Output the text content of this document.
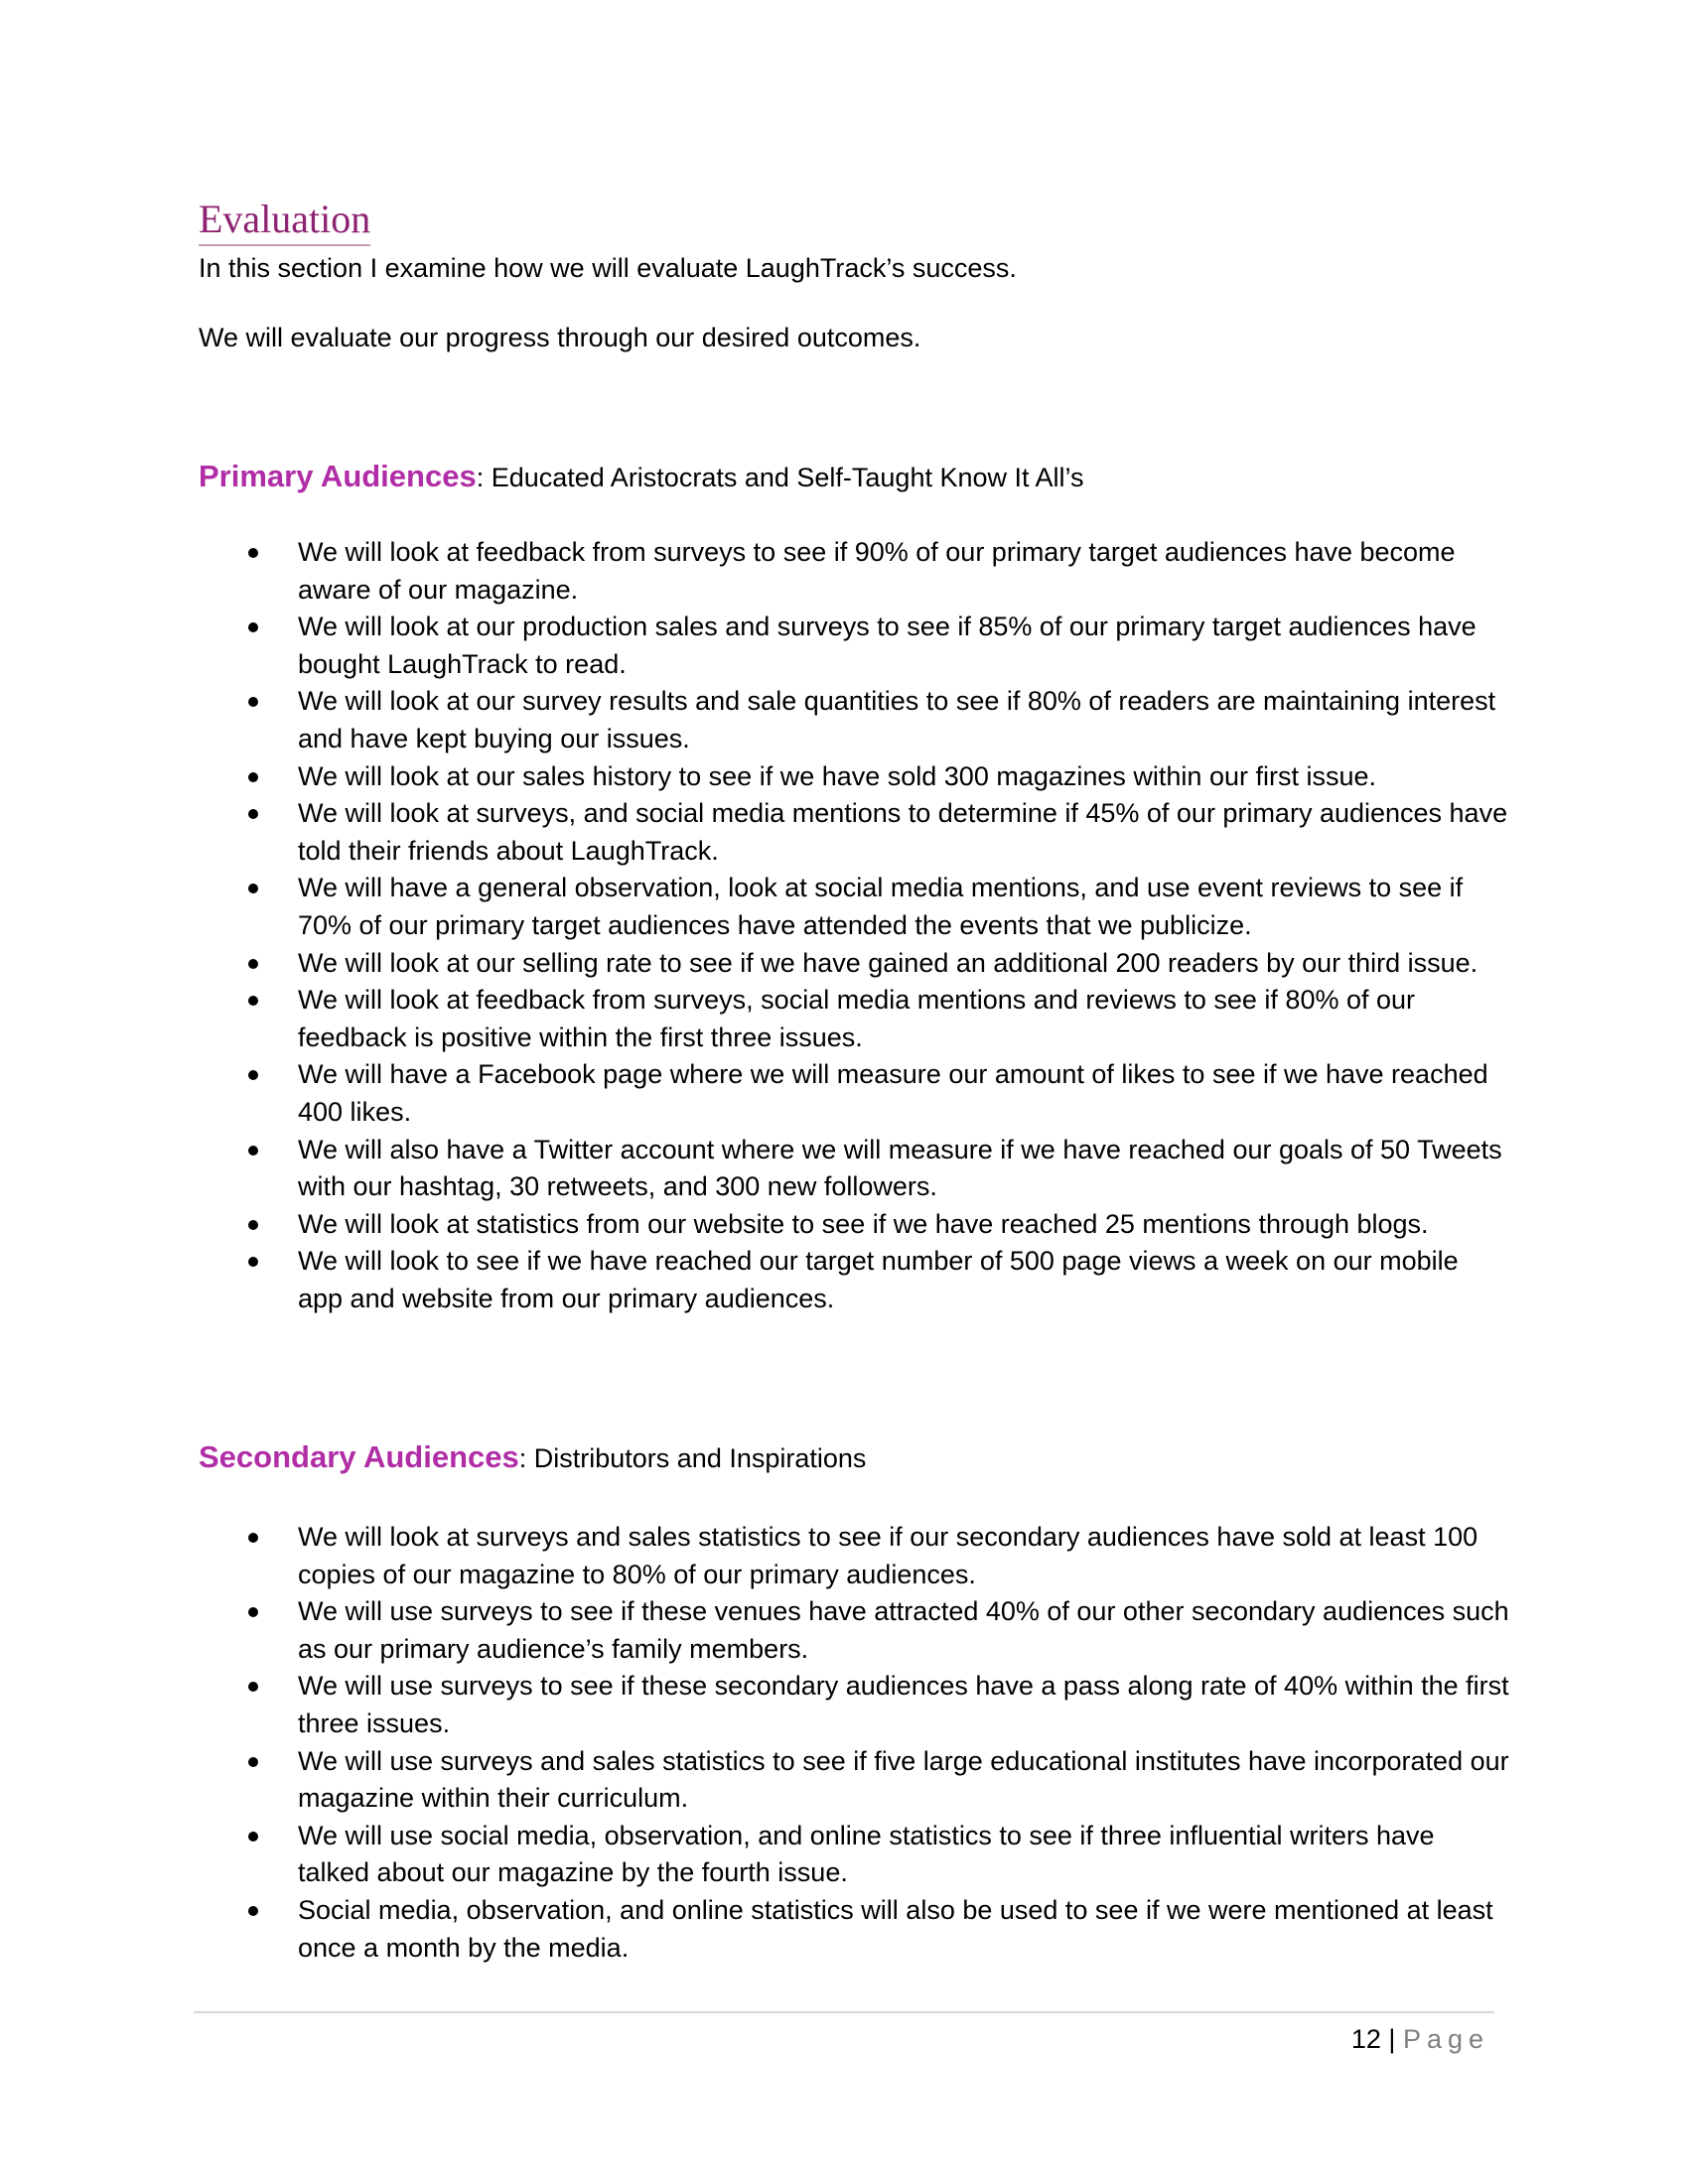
Evaluation
In this section I examine how we will evaluate LaughTrack’s success.
We will evaluate our progress through our desired outcomes.
Primary Audiences: Educated Aristocrats and Self-Taught Know It All’s
We will look at feedback from surveys to see if 90% of our primary target audiences have become aware of our magazine.
We will look at our production sales and surveys to see if 85% of our primary target audiences have bought LaughTrack to read.
We will look at our survey results and sale quantities to see if 80% of readers are maintaining interest and have kept buying our issues.
We will look at our sales history to see if we have sold 300 magazines within our first issue.
We will look at surveys, and social media mentions to determine if 45% of our primary audiences have told their friends about LaughTrack.
We will have a general observation, look at social media mentions, and use event reviews to see if 70% of our primary target audiences have attended the events that we publicize.
We will look at our selling rate to see if we have gained an additional 200 readers by our third issue.
We will look at feedback from surveys, social media mentions and reviews to see if 80% of our feedback is positive within the first three issues.
We will have a Facebook page where we will measure our amount of likes to see if we have reached 400 likes.
We will also have a Twitter account where we will measure if we have reached our goals of 50 Tweets with our hashtag, 30 retweets, and 300 new followers.
We will look at statistics from our website to see if we have reached 25 mentions through blogs.
We will look to see if we have reached our target number of 500 page views a week on our mobile app and website from our primary audiences.
Secondary Audiences: Distributors and Inspirations
We will look at surveys and sales statistics to see if our secondary audiences have sold at least 100 copies of our magazine to 80% of our primary audiences.
We will use surveys to see if these venues have attracted 40% of our other secondary audiences such as our primary audience’s family members.
We will use surveys to see if these secondary audiences have a pass along rate of 40% within the first three issues.
We will use surveys and sales statistics to see if five large educational institutes have incorporated our magazine within their curriculum.
We will use social media, observation, and online statistics to see if three influential writers have talked about our magazine by the fourth issue.
Social media, observation, and online statistics will also be used to see if we were mentioned at least once a month by the media.
12 | Page
